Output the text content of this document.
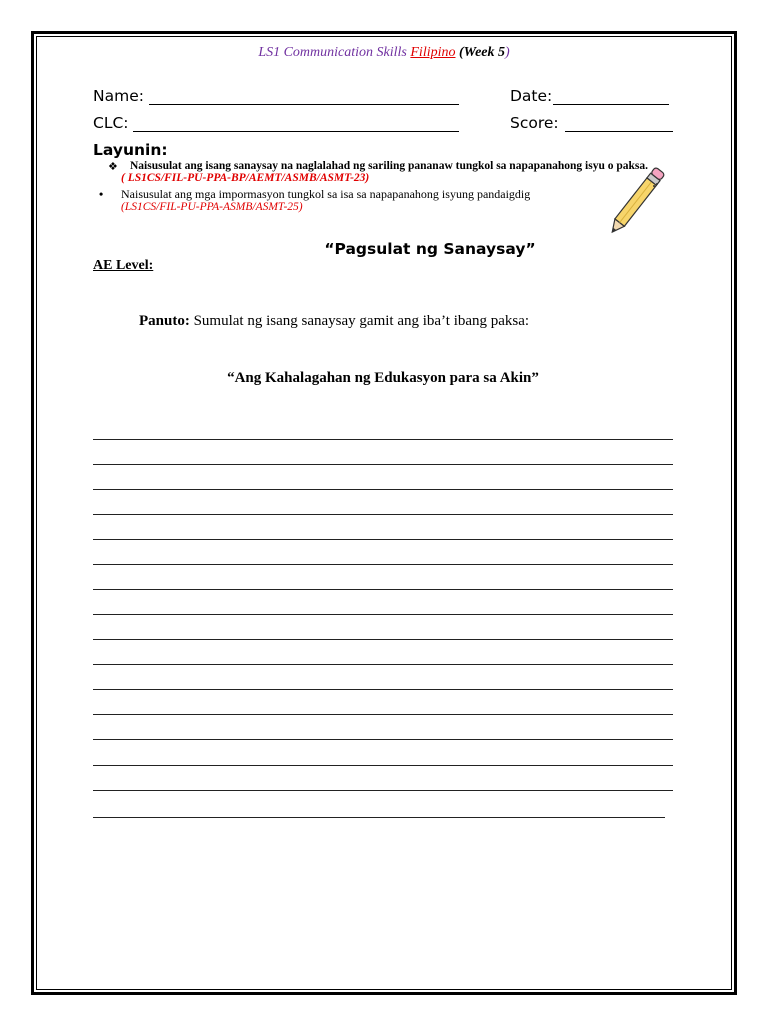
LS1 Communication Skills Filipino (Week 5)
Name:	Date:
CLC:	Score:
Layunin:
❖ Naisusulat ang isang sanaysay na naglalahad ng sariling pananaw tungkol sa napapanahong isyu o paksa.
( LS1CS/FIL-PU-PPA-BP/AEMT/ASMB/ASMT-23)
• Naisusulat ang mga impormasyon tungkol sa isa sa napapanahong isyung pandaigdig
(LS1CS/FIL-PU-PPA-ASMB/ASMT-25)
“Pagsulat ng Sanaysay”
AE Level:
Panuto: Sumulat ng isang sanaysay gamit ang iba’t ibang paksa:
“Ang Kahalagahan ng Edukasyon para sa Akin”
